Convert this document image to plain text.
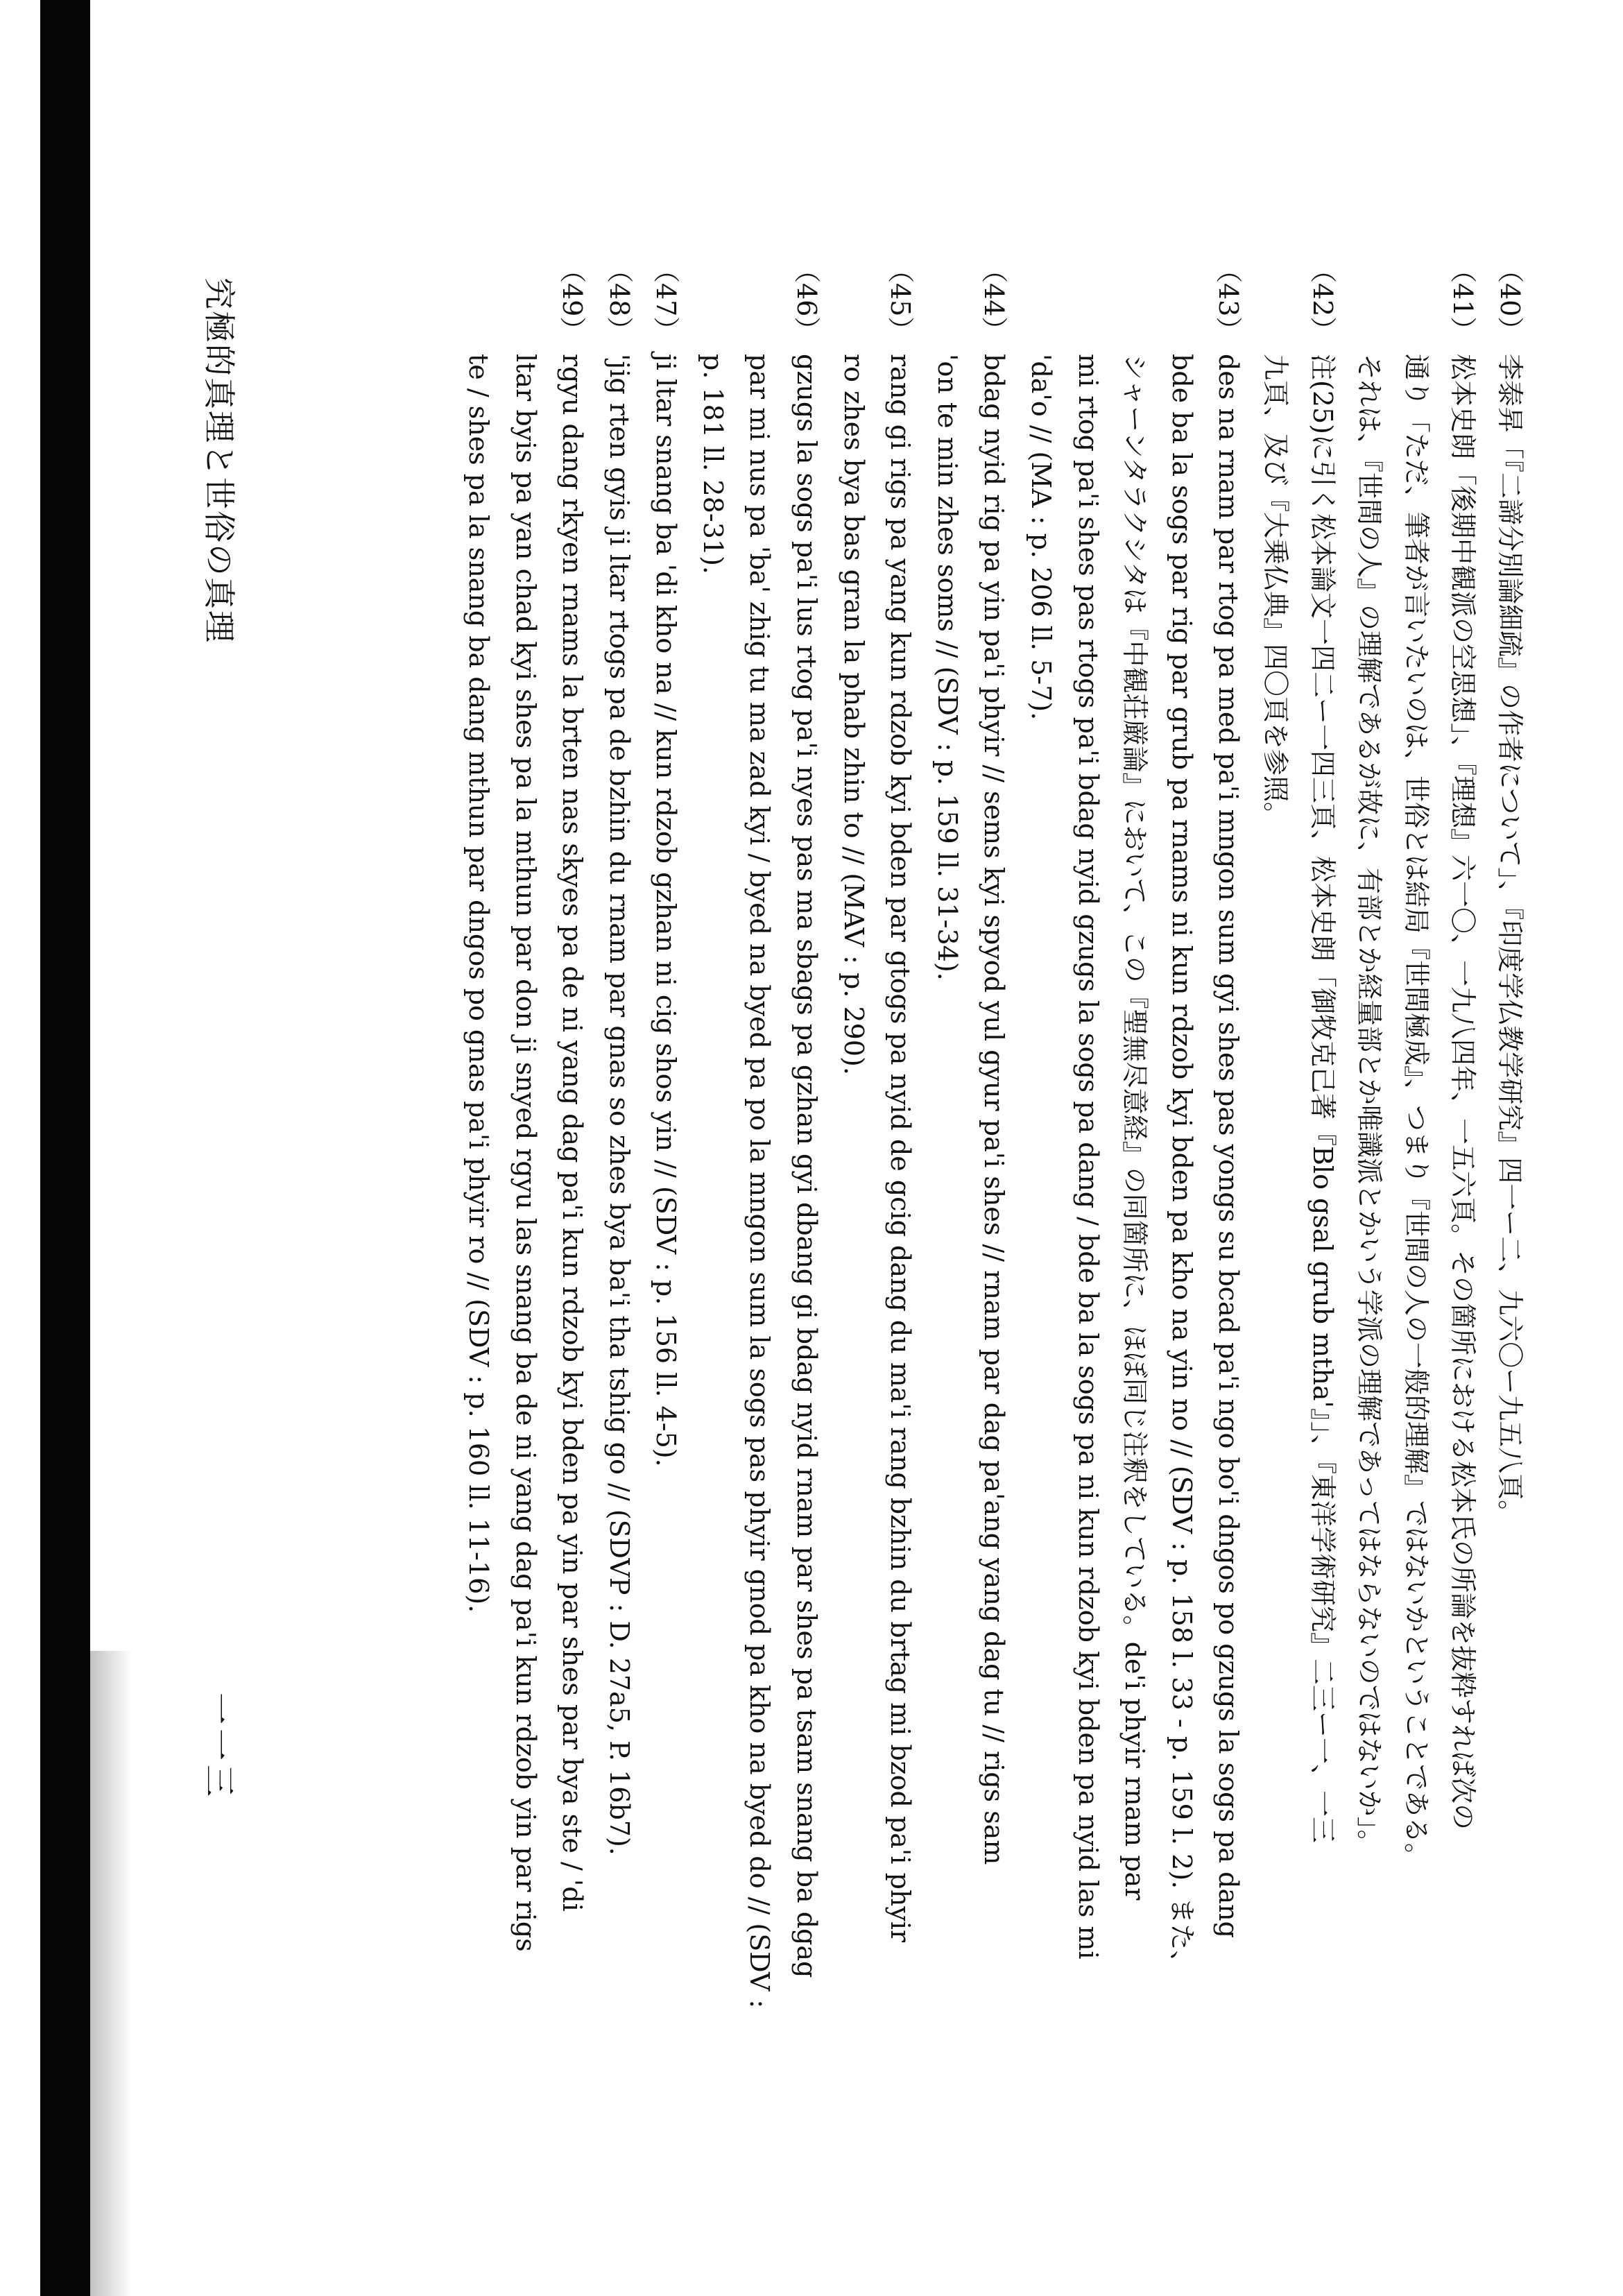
（40）
李泰昇「『二諦分別論細疏』の作者について」、『印度学仏教学研究』四一ー二、九六〇ー九五八頁。
（41）
松本史朗「後期中観派の空思想」、『理想』六一〇、一九八四年、一五六頁。その箇所における松本氏の所論を抜粋すれば次の
通り「ただ、筆者が言いたいのは、世俗とは結局『世間極成』、つまり『世間の人の一般的理解』ではないかということである。
それは、『世間の人』の理解であるが故に、有部とか経量部とか唯識派とかいう学派の理解であってはならないのではないか」。
（42）
注(25)に引く松本論文一四二ー一四三頁、松本史朗「御牧克己著『Blo gsal grub mtha'』」、『東洋学術研究』二三ー一、一三
九頁、及び『大乗仏典』四〇頁を参照。
（43）
des na rnam par rtog pa med pa'i mngon sum gyi shes pas yongs su bcad pa'i ngo bo'i dngos po gzugs la sogs pa dang
bde ba la sogs par rig par grub pa rnams ni kun rdzob kyi bden pa kho na yin no // (SDV : p. 158 l. 33 - p. 159 l. 2). また、
シャーンタラクシタは『中観荘厳論』において、この『聖無尽意経』の同箇所に、ほぼ同じ注釈をしている。de'i phyir rnam par
mi rtog pa'i shes pas rtogs pa'i bdag nyid gzugs la sogs pa dang / bde ba la sogs pa ni kun rdzob kyi bden pa nyid las mi
'da'o // (MA : p. 206 ll. 5-7).
（44）
bdag nyid rig pa yin pa'i phyir // sems kyi spyod yul gyur pa'i shes // rnam par dag pa'ang yang dag tu // rigs sam
'on te min zhes soms // (SDV : p. 159 ll. 31-34).
（45）
rang gi rigs pa yang kun rdzob kyi bden par gtogs pa nyid de gcig dang du ma'i rang bzhin du brtag mi bzod pa'i phyir
ro zhes bya bas gran la phab zhin to // (MAV : p. 290).
（46）
gzugs la sogs pa'i lus rtog pa'i nyes pas ma sbags pa gzhan gyi dbang gi bdag nyid rnam par shes pa tsam snang ba dgag
par mi nus pa 'ba' zhig tu ma zad kyi / byed na byed pa po la mngon sum la sogs pas phyir gnod pa kho na byed do // (SDV :
p. 181 ll. 28-31).
（47）
ji ltar snang ba 'di kho na // kun rdzob gzhan ni cig shos yin // (SDV : p. 156 ll. 4-5).
（48）
'jig rten gyis ji ltar rtogs pa de bzhin du rnam par gnas so zhes bya ba'i tha tshig go // (SDVP : D. 27a5, P. 16b7).
（49）
rgyu dang rkyen rnams la brten nas skyes pa de ni yang dag pa'i kun rdzob kyi bden pa yin par shes par bya ste / 'di
ltar byis pa yan chad kyi shes pa la mthun par don ji snyed rgyu las snang ba de ni yang dag pa'i kun rdzob yin par rigs
te / shes pa la snang ba dang mthun par dngos po gnas pa'i phyir ro // (SDV : p. 160 ll. 11-16).
究極的真理と世俗の真理
一一三
